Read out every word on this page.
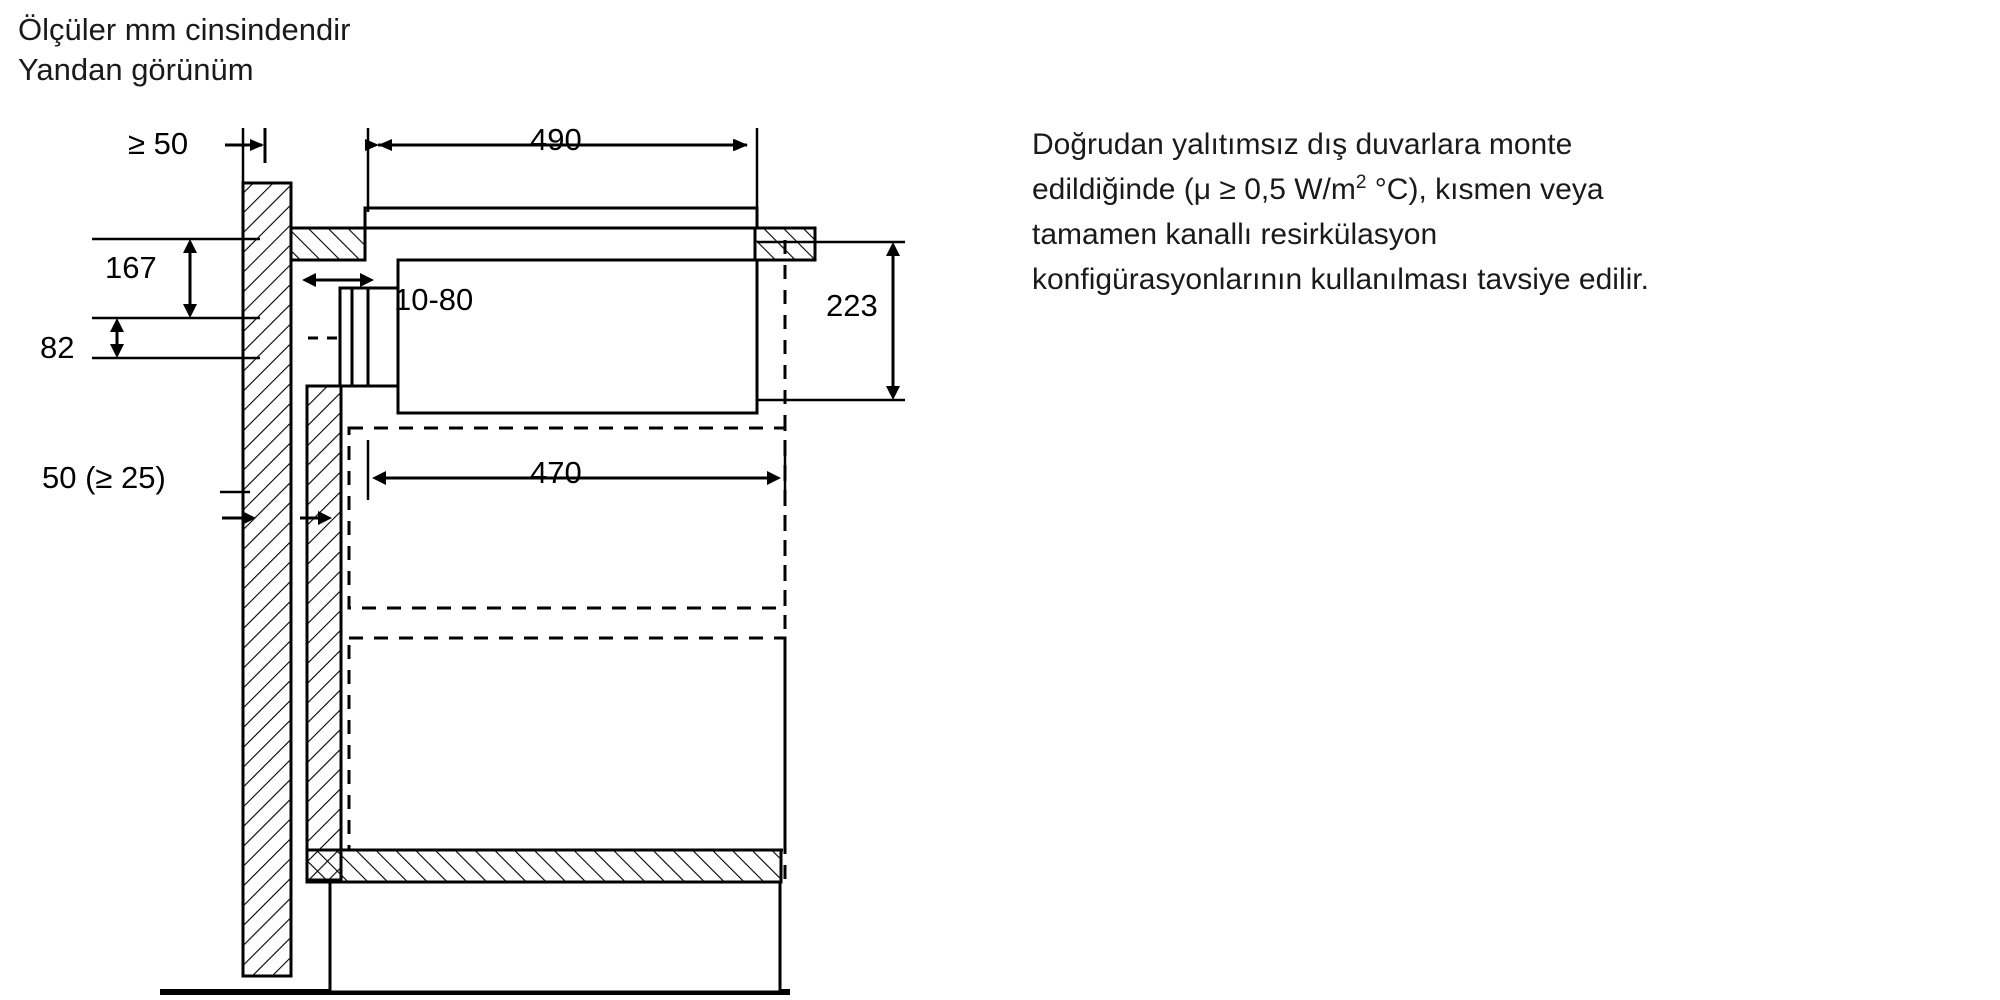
Ölçüler mm cinsindendir
Yandan görünüm
≥ 50	490
167
82
10-80	223
50 (≥ 25)	470
Doğrudan yalıtımsız dış duvarlara monte edildiğinde (μ ≥ 0,5 $W/m^2$ °C), kısmen veya tamamen kanallı resirkülasyon konfigürasyonlarının kullanılması tavsiye edilir.
